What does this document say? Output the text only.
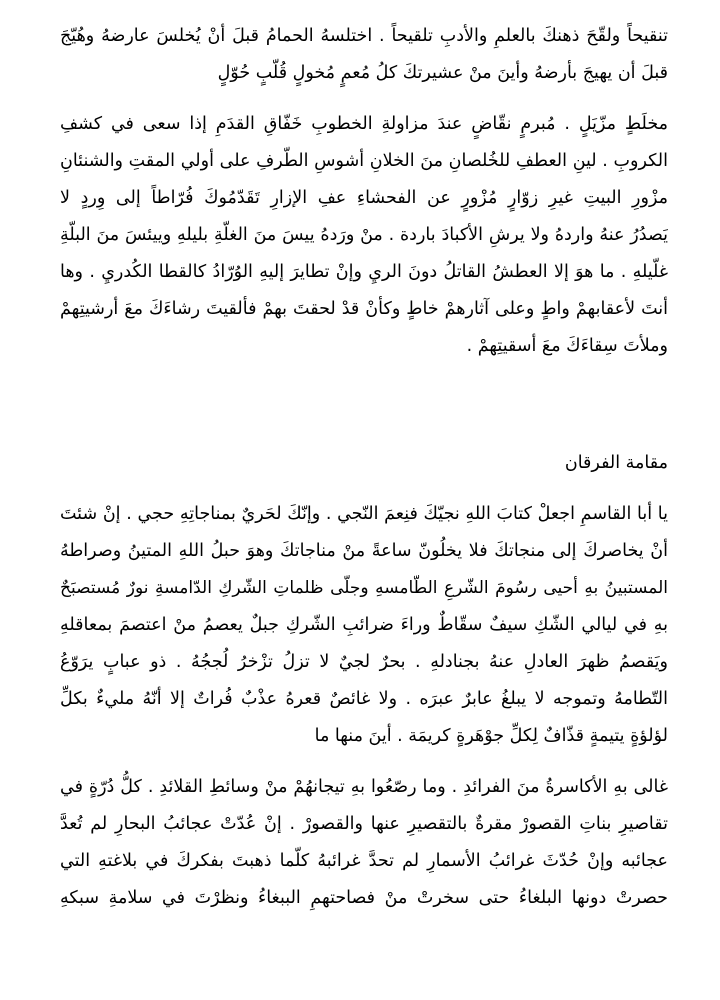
تنقيحاً ولقّحَ ذهنكَ بالعلمِ والأدبِ تلقيحاً . اختلسهُ الحمامُ قبلَ أنْ يُخلسَ عارضهُ وهُيّجَ
قبلَ أن يهيجَ بأرضهُ وأينَ منْ عشيرتكَ كلُ مُعمٍ مُخولٍ قُلّبٍ حُوّلٍ
مخلَطٍ مزّيَلٍ . مُبرمٍ نقّاضٍ عندَ مزاولةِ الخطوبِ خَفّاقِ القدَمِ إذا سعى في كشفِ
الكروبِ . لينِ العطفِ للخُلصانِ منَ الخلانِ أشوسِ الطّرفِ على أولي المقتِ والشنئانِ
مزْورِ البيتِ غيرِ زوّارٍ مُزْورٍ عن الفحشاءِ عفِ الإزارِ تَقَدّمُوكَ فُرّاطاً إلى وِردٍ لا
يَصدُرُ عنهُ واردهُ ولا يرشِ الأكبادَ باردة . منْ ورَدهُ ييسَ منَ الغلّةِ بليلهِ وييئسَ منَ البلّةِ
غلّيلهِ . ما هوَ إلا العطشُ القاتلُ دونَ الريِ وإنْ تطايرَ إليهِ الوُرّادُ كالقطا الكُدريِ . وها
أنتَ لأعقابهمْ واطٍ وعلى آثارهمْ خاطٍ وكأنْ قدْ لحقتَ بهمْ فألقيتَ رشاءَكَ معَ أرشيتِهمْ
وملأتَ سِقاءَكَ معَ أسقيتِهمْ .
مقامة الفرقان
يا أبا القاسمِ اجعلْ كتابَ اللهِ نجيّكَ فنِعمَ النّجي . وإنّكَ لحَريٌ بمناجاتِهِ حجي . إنْ شئتَ
أنْ يخاصركَ إلى منجاتكَ فلا يخلُونّ ساعةً منْ مناجاتكَ وهوَ حبلُ اللهِ المتينُ وصراطهُ
المستبينُ بهِ أحيى رسُومَ الشّرعِ الطّامسهِ وجلّى ظلماتِ الشّركِ الدّامسةِ نورٌ مُستصبَحٌ
بهِ في ليالي الشّكِ سيفٌ سقّاطٌ وراءَ ضرائبِ الشّركِ جبلٌ يعصمُ منْ اعتصمَ بمعاقلهِ
ويَقصمُ ظهرَ العادلِ عنهُ بجنادلهِ . بحرٌ لجيٌ لا تزلُ تزْخرُ لُججُهُ . ذو عبابٍ يرَوّعُ
التّطامهُ وتموجه لا يبلغُ عابرٌ عبرَه . ولا غائصٌ قعرهُ عذْبٌ فُراتٌ إلا أنّهُ مليءٌ بكلِّ
لؤلؤةٍ يتيمةٍ قذّافٌ لِكلِّ جوْهَرةٍ كريمَة . أينَ منها ما
غالى بهِ الأكاسرةُ منَ الفرائدِ . وما رصّعُوا بهِ تيجانهُمْ منْ وسائطِ القلائدِ . كلُّ دُرّةٍ في
تقاصيرِ بناتِ القصورْ مقرةٌ بالتقصيرِ عنها والقصورْ . إنْ عُدّتْ عجائبُ البحارِ لم تُعدَّ
عجائبه وإنْ حُدّثَ غرائبُ الأسمارِ لم تحدَّ غرائبهُ كلّما ذهبتَ بفكركَ في بلاغتهِ التي
حصرتْ دونها البلغاءُ حتى سخرتْ منْ فصاحتهمِ الببغاءُ ونظرْتَ في سلامةِ سبكهِ
